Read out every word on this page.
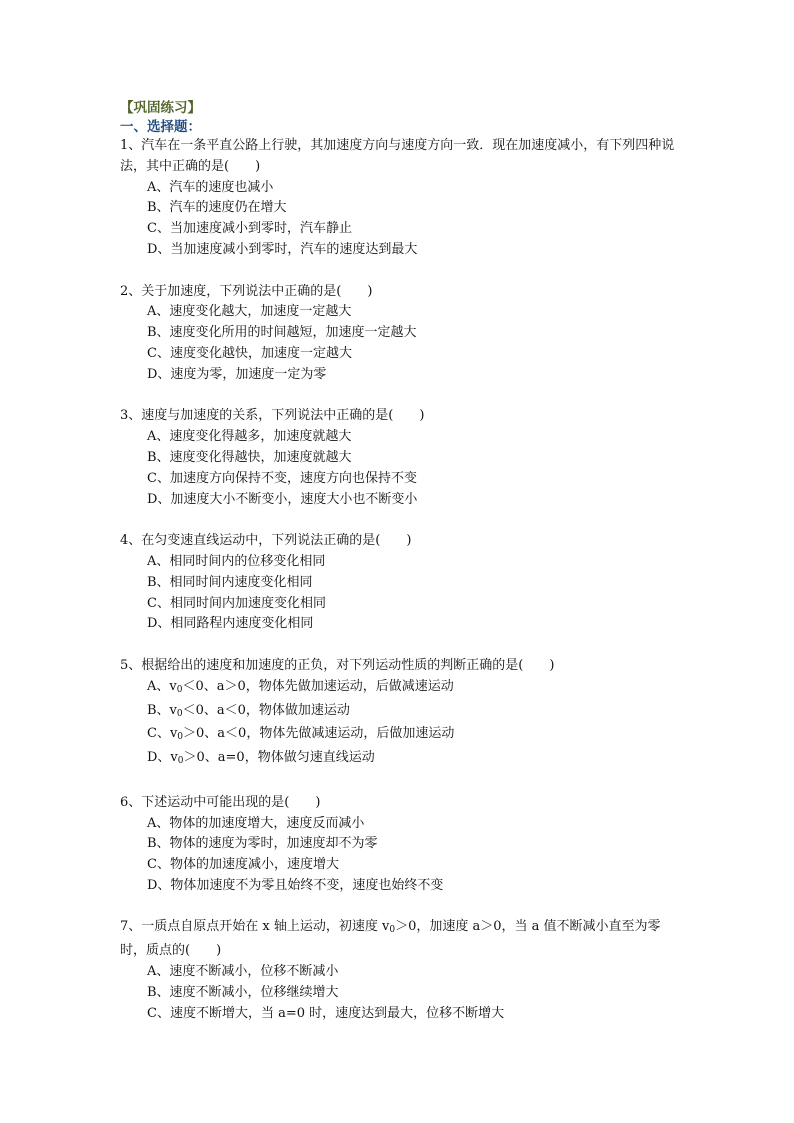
【巩固练习】
一、选择题：
1、汽车在一条平直公路上行驶，其加速度方向与速度方向一致．现在加速度减小，有下列四种说法，其中正确的是(　　)
A、汽车的速度也减小
B、汽车的速度仍在增大
C、当加速度减小到零时，汽车静止
D、当加速度减小到零时，汽车的速度达到最大
2、关于加速度，下列说法中正确的是(　　)
A、速度变化越大，加速度一定越大
B、速度变化所用的时间越短，加速度一定越大
C、速度变化越快，加速度一定越大
D、速度为零，加速度一定为零
3、速度与加速度的关系，下列说法中正确的是(　　)
A、速度变化得越多，加速度就越大
B、速度变化得越快，加速度就越大
C、加速度方向保持不变，速度方向也保持不变
D、加速度大小不断变小，速度大小也不断变小
4、在匀变速直线运动中，下列说法正确的是(　　)
A、相同时间内的位移变化相同
B、相同时间内速度变化相同
C、相同时间内加速度变化相同
D、相同路程内速度变化相同
5、根据给出的速度和加速度的正负，对下列运动性质的判断正确的是(　　)
A、$v_0<0$、a＞0，物体先做加速运动，后做减速运动
B、$v_0<0$、a＜0，物体做加速运动
C、$v_0>0$、a＜0，物体先做减速运动，后做加速运动
D、$v_0>0$、a=0，物体做匀速直线运动
6、下述运动中可能出现的是(　　)
A、物体的加速度增大，速度反而减小
B、物体的速度为零时，加速度却不为零
C、物体的加速度减小，速度增大
D、物体加速度不为零且始终不变，速度也始终不变
7、一质点自原点开始在 x 轴上运动，初速度 $v_0>0$，加速度 a＞0，当 a 值不断减小直至为零时，质点的(　　)
A、速度不断减小，位移不断减小
B、速度不断减小，位移继续增大
C、速度不断增大，当 a=0 时，速度达到最大，位移不断增大
